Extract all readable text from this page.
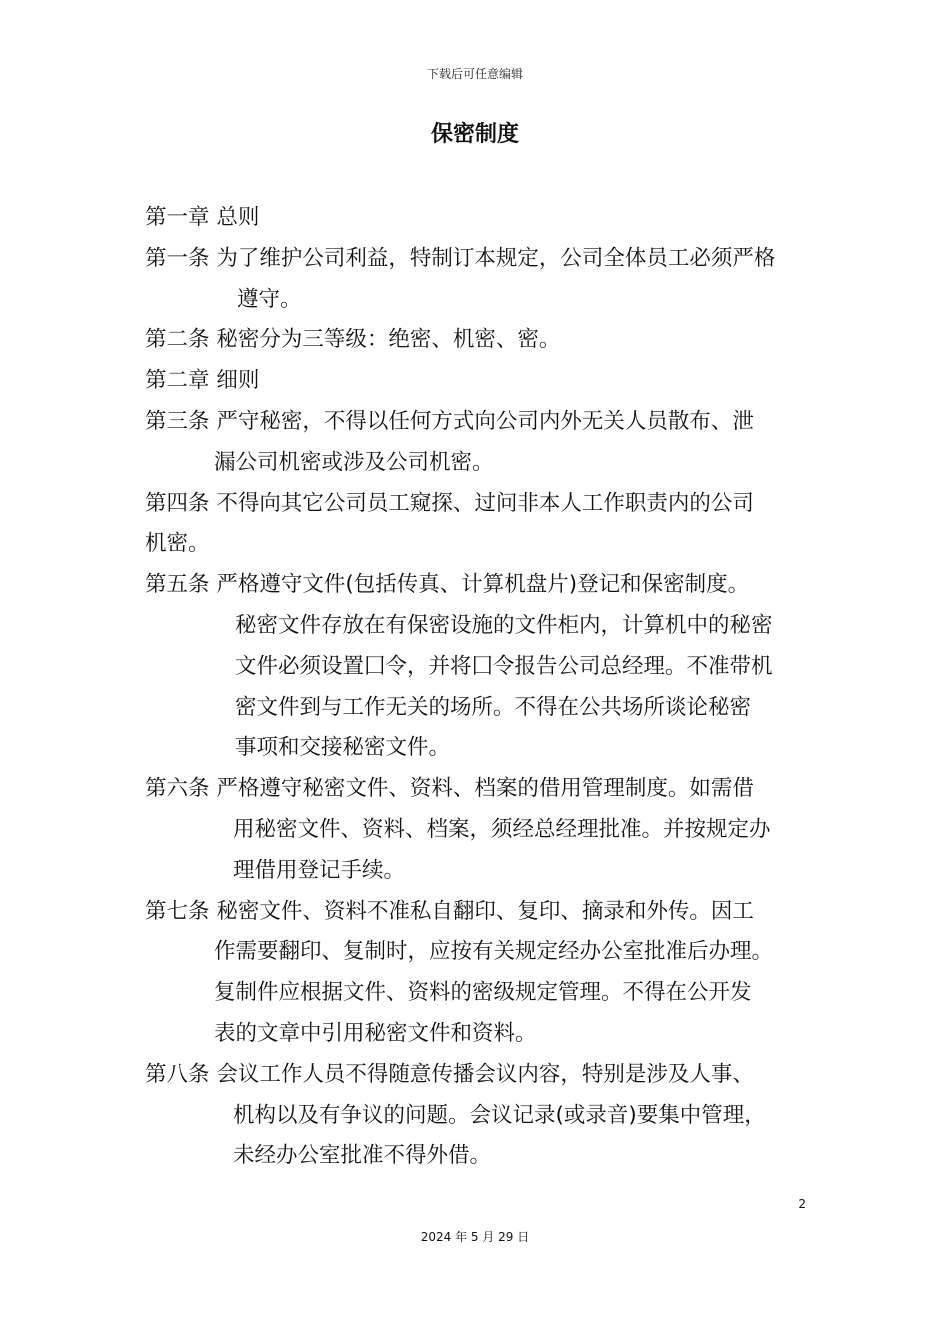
下载后可任意编辑
保密制度
第一章 总则
第一条 为了维护公司利益，特制订本规定，公司全体员工必须严格
遵守。
第二条 秘密分为三等级：绝密、机密、密。
第二章 细则
第三条 严守秘密，不得以任何方式向公司内外无关人员散布、泄
漏公司机密或涉及公司机密。
第四条 不得向其它公司员工窥探、过问非本人工作职责内的公司
机密。
第五条 严格遵守文件(包括传真、计算机盘片)登记和保密制度。
秘密文件存放在有保密设施的文件柜内，计算机中的秘密
文件必须设置囗令，并将囗令报告公司总经理。不准带机
密文件到与工作无关的场所。不得在公共场所谈论秘密
事项和交接秘密文件。
第六条 严格遵守秘密文件、资料、档案的借用管理制度。如需借
用秘密文件、资料、档案，须经总经理批准。并按规定办
理借用登记手续。
第七条 秘密文件、资料不准私自翻印、复印、摘录和外传。因工
作需要翻印、复制时，应按有关规定经办公室批准后办理。
复制件应根据文件、资料的密级规定管理。不得在公开发
表的文章中引用秘密文件和资料。
第八条 会议工作人员不得随意传播会议内容，特别是涉及人事、
机构以及有争议的问题。会议记录(或录音)要集中管理，
未经办公室批准不得外借。
2
2024 年 5 月 29 日
